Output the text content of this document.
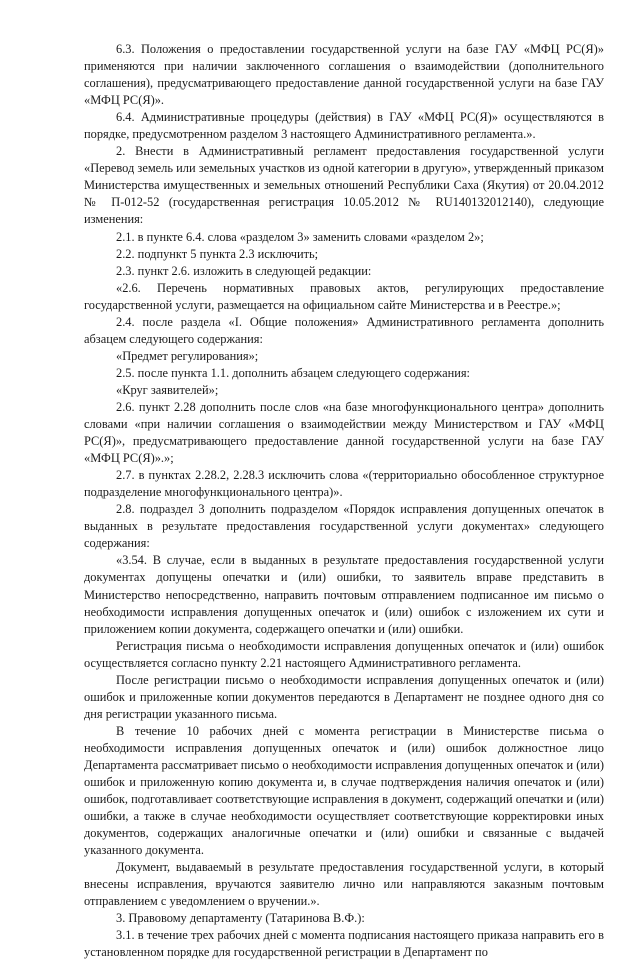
6.3. Положения о предоставлении государственной услуги на базе ГАУ «МФЦ РС(Я)» применяются при наличии заключенного соглашения о взаимодействии (дополнительного соглашения), предусматривающего предоставление данной государственной услуги на базе ГАУ «МФЦ РС(Я)».

6.4. Административные процедуры (действия) в ГАУ «МФЦ РС(Я)» осуществляются в порядке, предусмотренном разделом 3 настоящего Административного регламента.».

2. Внести в Административный регламент предоставления государственной услуги «Перевод земель или земельных участков из одной категории в другую», утвержденный приказом Министерства имущественных и земельных отношений Республики Саха (Якутия) от 20.04.2012 № П-012-52 (государственная регистрация 10.05.2012 № RU140132012140), следующие изменения:

2.1. в пункте 6.4. слова «разделом 3» заменить словами «разделом 2»;

2.2. подпункт 5 пункта 2.3 исключить;

2.3. пункт 2.6. изложить в следующей редакции:

«2.6. Перечень нормативных правовых актов, регулирующих предоставление государственной услуги, размещается на официальном сайте Министерства и в Реестре.»;

2.4. после раздела «I. Общие положения» Административного регламента дополнить абзацем следующего содержания:

«Предмет регулирования»;

2.5. после пункта 1.1. дополнить абзацем следующего содержания:

«Круг заявителей»;

2.6. пункт 2.28 дополнить после слов «на базе многофункционального центра» дополнить словами «при наличии соглашения о взаимодействии между Министерством и ГАУ «МФЦ РС(Я)», предусматривающего предоставление данной государственной услуги на базе ГАУ «МФЦ РС(Я)».»;

2.7. в пунктах 2.28.2, 2.28.3 исключить слова «(территориально обособленное структурное подразделение многофункционального центра)».

2.8. подраздел 3 дополнить подразделом «Порядок исправления допущенных опечаток в выданных в результате предоставления государственной услуги документах» следующего содержания:

«3.54. В случае, если в выданных в результате предоставления государственной услуги документах допущены опечатки и (или) ошибки, то заявитель вправе представить в Министерство непосредственно, направить почтовым отправлением подписанное им письмо о необходимости исправления допущенных опечаток и (или) ошибок с изложением их сути и приложением копии документа, содержащего опечатки и (или) ошибки.

Регистрация письма о необходимости исправления допущенных опечаток и (или) ошибок осуществляется согласно пункту 2.21 настоящего Административного регламента.

После регистрации письмо о необходимости исправления допущенных опечаток и (или) ошибок и приложенные копии документов передаются в Департамент не позднее одного дня со дня регистрации указанного письма.

В течение 10 рабочих дней с момента регистрации в Министерстве письма о необходимости исправления допущенных опечаток и (или) ошибок должностное лицо Департамента рассматривает письмо о необходимости исправления допущенных опечаток и (или) ошибок и приложенную копию документа и, в случае подтверждения наличия опечаток и (или) ошибок, подготавливает соответствующие исправления в документ, содержащий опечатки и (или) ошибки, а также в случае необходимости осуществляет соответствующие корректировки иных документов, содержащих аналогичные опечатки и (или) ошибки и связанные с выдачей указанного документа.

Документ, выдаваемый в результате предоставления государственной услуги, в который внесены исправления, вручаются заявителю лично или направляются заказным почтовым отправлением с уведомлением о вручении.».

3. Правовому департаменту (Татаринова В.Ф.):

3.1. в течение трех рабочих дней с момента подписания настоящего приказа направить его в установленном порядке для государственной регистрации в Департамент по
